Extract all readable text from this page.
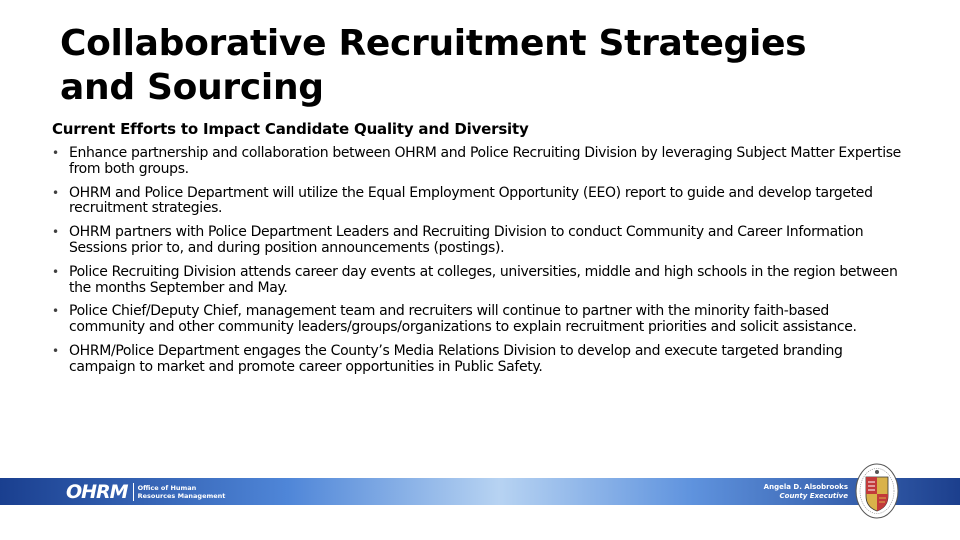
Collaborative Recruitment Strategies
and Sourcing

Current Efforts to Impact Candidate Quality and Diversity

• Enhance partnership and collaboration between OHRM and Police Recruiting Division by leveraging Subject Matter Expertise from both groups.
• OHRM and Police Department will utilize the Equal Employment Opportunity (EEO) report to guide and develop targeted recruitment strategies.
• OHRM partners with Police Department Leaders and Recruiting Division to conduct Community and Career Information Sessions prior to, and during position announcements (postings).
• Police Recruiting Division attends career day events at colleges, universities, middle and high schools in the region between the months September and May.
• Police Chief/Deputy Chief, management team and recruiters will continue to partner with the minority faith-based community and other community leaders/groups/organizations to explain recruitment priorities and solicit assistance.
• OHRM/Police Department engages the County’s Media Relations Division to develop and execute targeted branding campaign to market and promote career opportunities in Public Safety.
OHRM Office of Human
Resources Management
Angela D. Alsobrooks
County Executive
